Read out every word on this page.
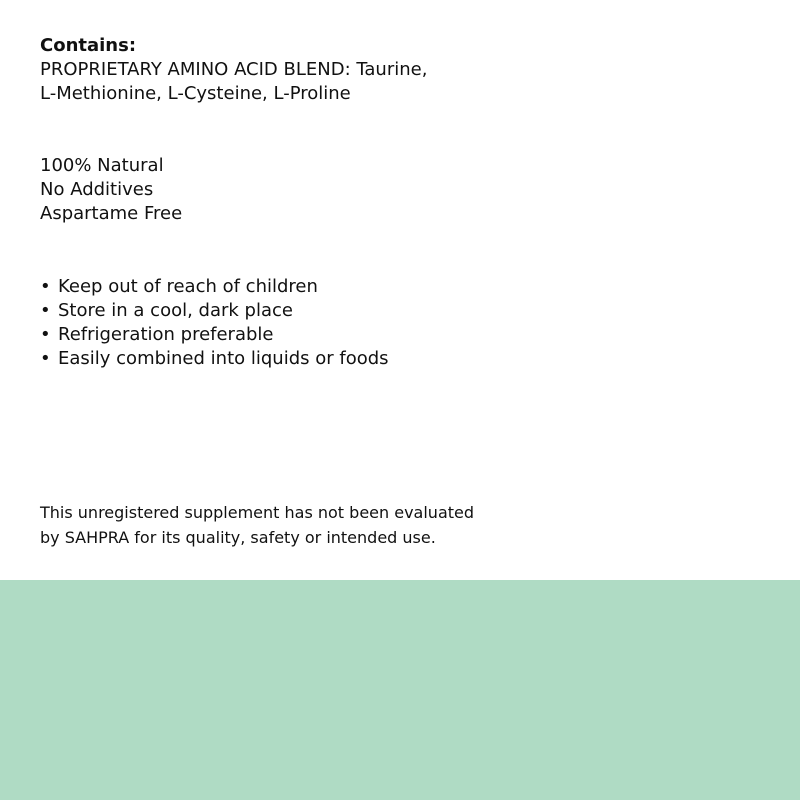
Contains:

PROPRIETARY AMINO ACID BLEND: Taurine,

L-Methionine, L-Cysteine, L-Proline

100% Natural

No Additives

Aspartame Free

• Keep out of reach of children
• Store in a cool, dark place
• Refrigeration preferable
• Easily combined into liquids or foods
This unregistered supplement has not been evaluated
by SAHPRA for its quality, safety or intended use.
